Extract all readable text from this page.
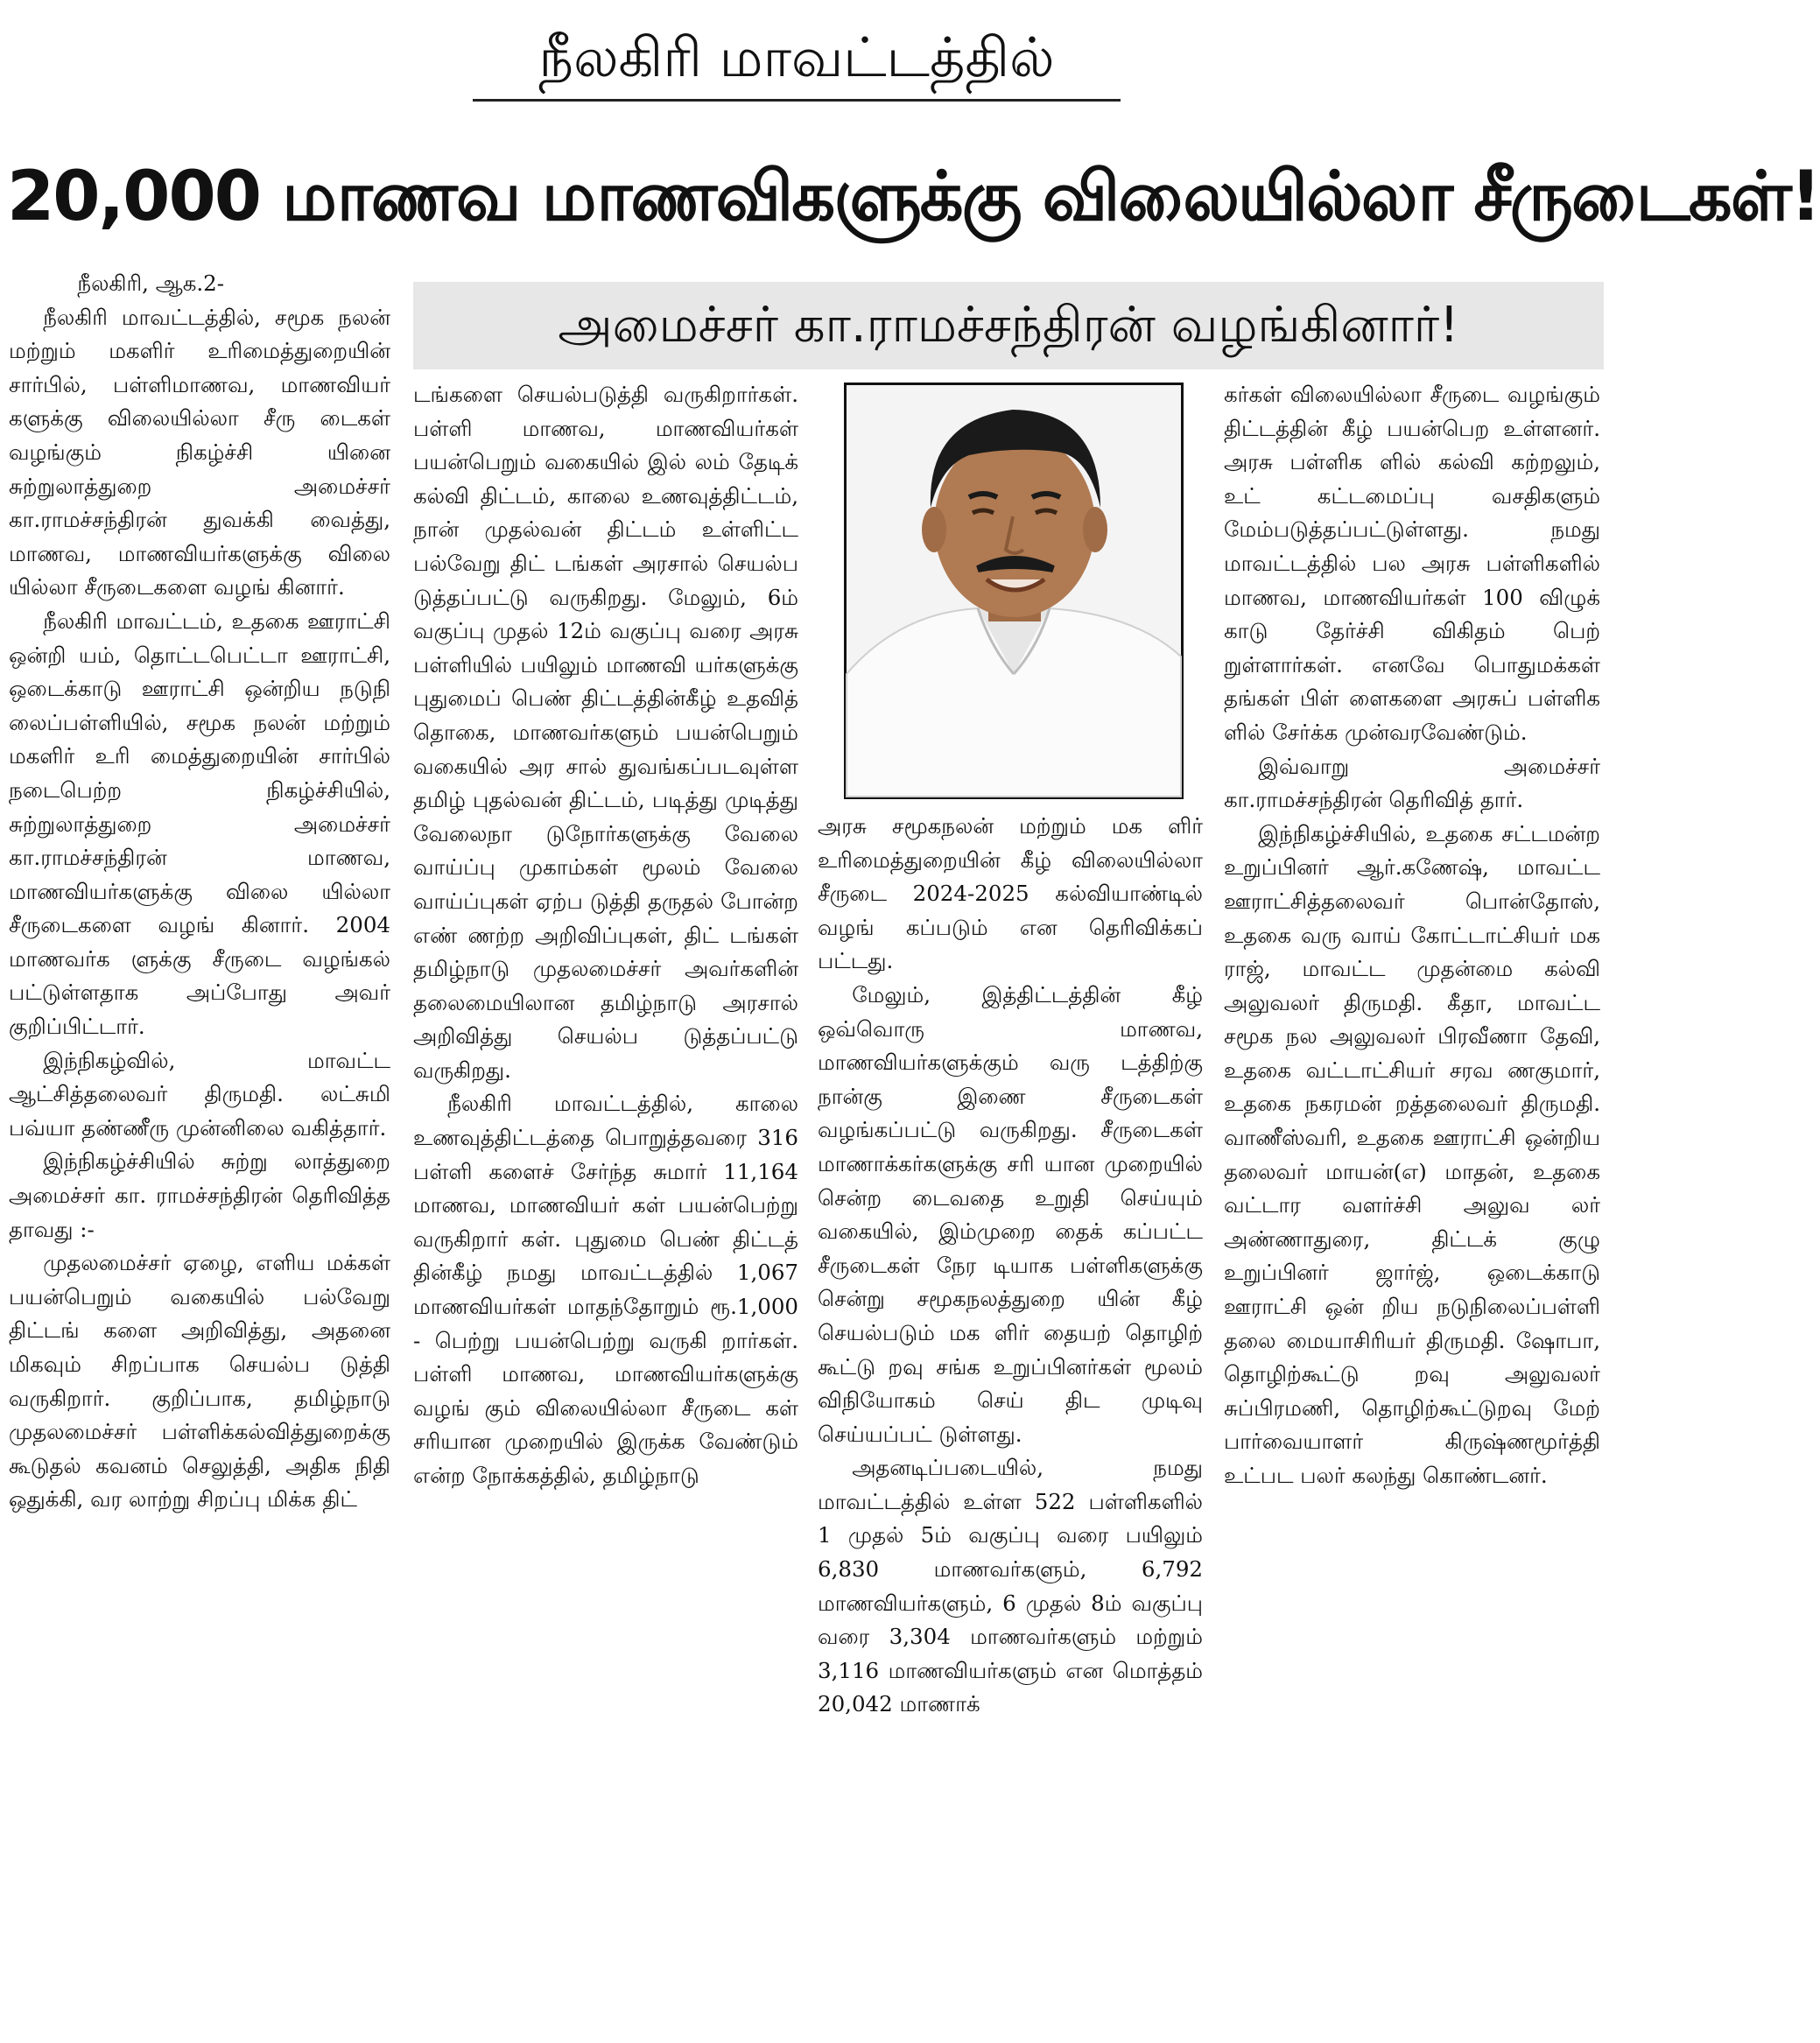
நீலகிரி மாவட்டத்தில்
20,000 மாணவ மாணவிகளுக்கு விலையில்லா சீருடைகள்!
அமைச்சர் கா.ராமச்சந்திரன் வழங்கினார்!

நீலகிரி, ஆக.2-

நீலகிரி மாவட்டத்தில், சமூக நலன் மற்றும் மகளிர் உரிமைத்துறையின் சார்பில், பள்ளிமாணவ, மாணவியர் களுக்கு விலையில்லா சீரு டைகள் வழங்கும் நிகழ்ச்சி யினை சுற்றுலாத்துறை அமைச்சர் கா.ராமச்சந்திரன் துவக்கி வைத்து, மாணவ, மாணவியர்களுக்கு விலை யில்லா சீருடைகளை வழங் கினார்.

நீலகிரி மாவட்டம், உதகை ஊராட்சி ஒன்றி யம், தொட்டபெட்டா ஊராட்சி, ஒடைக்காடு ஊராட்சி ஒன்றிய நடுநி லைப்பள்ளியில், சமூக நலன் மற்றும் மகளிர் உரி மைத்துறையின் சார்பில் நடைபெற்ற நிகழ்ச்சியில், சுற்றுலாத்துறை அமைச்சர் கா.ராமச்சந்திரன் மாணவ, மாணவியர்களுக்கு விலை யில்லா சீருடைகளை வழங் கினார். 2004 மாணவர்க ளுக்கு சீருடை வழங்கல் பட்டுள்ளதாக அப்போது அவர் குறிப்பிட்டார்.

இந்நிகழ்வில், மாவட்ட ஆட்சித்தலைவர் திருமதி. லட்சுமி பவ்யா தண்ணீரு முன்னிலை வகித்தார்.

இந்நிகழ்ச்சியில் சுற்று லாத்துறை அமைச்சர் கா. ராமச்சந்திரன் தெரிவித்த தாவது :-

முதலமைச்சர் ஏழை, எளிய மக்கள் பயன்பெறும் வகையில் பல்வேறு திட்டங் களை அறிவித்து, அதனை மிகவும் சிறப்பாக செயல்ப டுத்தி வருகிறார். குறிப்பாக, தமிழ்நாடு முதலமைச்சர் பள்ளிக்கல்வித்துறைக்கு கூடுதல் கவனம் செலுத்தி, அதிக நிதி ஒதுக்கி, வர லாற்று சிறப்பு மிக்க திட்

டங்களை செயல்படுத்தி வருகிறார்கள். பள்ளி மாணவ, மாணவியர்கள் பயன்பெறும் வகையில் இல் லம் தேடிக் கல்வி திட்டம், காலை உணவுத்திட்டம், நான் முதல்வன் திட்டம் உள்ளிட்ட பல்வேறு திட் டங்கள் அரசால் செயல்ப டுத்தப்பட்டு வருகிறது. மேலும், 6ம் வகுப்பு முதல் 12ம் வகுப்பு வரை அரசு பள்ளியில் பயிலும் மாணவி யர்களுக்கு புதுமைப் பெண் திட்டத்தின்கீழ் உதவித் தொகை, மாணவர்களும் பயன்பெறும் வகையில் அர சால் துவங்கப்படவுள்ள தமிழ் புதல்வன் திட்டம், படித்து முடித்து வேலைநா டுநோர்களுக்கு வேலை வாய்ப்பு முகாம்கள் மூலம் வேலை வாய்ப்புகள் ஏற்ப டுத்தி தருதல் போன்ற எண் ணற்ற அறிவிப்புகள், திட் டங்கள் தமிழ்நாடு முதலமைச்சர் அவர்களின் தலைமையிலான தமிழ்நாடு அரசால் அறிவித்து செயல்ப டுத்தப்பட்டு வருகிறது.

நீலகிரி மாவட்டத்தில், காலை உணவுத்திட்டத்தை பொறுத்தவரை 316 பள்ளி களைச் சேர்ந்த சுமார் 11,164 மாணவ, மாணவியர் கள் பயன்பெற்று வருகிறார் கள். புதுமை பெண் திட்டத் தின்கீழ் நமது மாவட்டத்தில் 1,067 மாணவியர்கள் மாதந்தோறும் ரூ.1,000 - பெற்று பயன்பெற்று வருகி றார்கள். பள்ளி மாணவ, மாணவியர்களுக்கு வழங் கும் விலையில்லா சீருடை கள் சரியான முறையில் இருக்க வேண்டும் என்ற நோக்கத்தில், தமிழ்நாடு

அரசு சமூகநலன் மற்றும் மக ளிர் உரிமைத்துறையின் கீழ் விலையில்லா சீருடை 2024-2025 கல்வியாண்டில் வழங் கப்படும் என தெரிவிக்கப் பட்டது.

மேலும், இத்திட்டத்தின் கீழ் ஒவ்வொரு மாணவ, மாணவியர்களுக்கும் வரு டத்திற்கு நான்கு இணை சீருடைகள் வழங்கப்பட்டு வருகிறது. சீருடைகள் மாணாக்கர்களுக்கு சரி யான முறையில் சென்ற டைவதை உறுதி செய்யும் வகையில், இம்முறை தைக் கப்பட்ட சீருடைகள் நேர டியாக பள்ளிகளுக்கு சென்று சமூகநலத்துறை யின் கீழ் செயல்படும் மக ளிர் தையற் தொழிற் கூட்டு றவு சங்க உறுப்பினர்கள் மூலம் விநியோகம் செய் திட முடிவு செய்யப்பட் டுள்ளது.

அதனடிப்படையில், நமது மாவட்டத்தில் உள்ள 522 பள்ளிகளில் 1 முதல் 5ம் வகுப்பு வரை பயிலும் 6,830 மாணவர்களும், 6,792 மாணவியர்களும், 6 முதல் 8ம் வகுப்பு வரை 3,304 மாணவர்களும் மற்றும் 3,116 மாணவியர்களும் என மொத்தம் 20,042 மாணாக்

கர்கள் விலையில்லா சீருடை வழங்கும் திட்டத்தின் கீழ் பயன்பெற உள்ளனர். அரசு பள்ளிக ளில் கல்வி கற்றலும், உட் கட்டமைப்பு வசதிகளும் மேம்படுத்தப்பட்டுள்ளது. நமது மாவட்டத்தில் பல அரசு பள்ளிகளில் மாணவ, மாணவியர்கள் 100 விழுக் காடு தேர்ச்சி விகிதம் பெற் றுள்ளார்கள். எனவே பொதுமக்கள் தங்கள் பிள் ளைகளை அரசுப் பள்ளிக ளில் சேர்க்க முன்வரவேண்டும்.

இவ்வாறு அமைச்சர் கா.ராமச்சந்திரன் தெரிவித் தார்.

இந்நிகழ்ச்சியில், உதகை சட்டமன்ற உறுப்பினர் ஆர்.கணேஷ், மாவட்ட ஊராட்சித்தலைவர் பொன்தோஸ், உதகை வரு வாய் கோட்டாட்சியர் மக ராஜ், மாவட்ட முதன்மை கல்வி அலுவலர் திருமதி. கீதா, மாவட்ட சமூக நல அலுவலர் பிரவீணா தேவி, உதகை வட்டாட்சியர் சரவ ணகுமார், உதகை நகரமன் றத்தலைவர் திருமதி. வாணீஸ்வரி, உதகை ஊராட்சி ஒன்றிய தலைவர் மாயன்(எ) மாதன், உதகை வட்டார வளர்ச்சி அலுவ லர் அண்ணாதுரை, திட்டக் குழு உறுப்பினர் ஜார்ஜ், ஒடைக்காடு ஊராட்சி ஒன் றிய நடுநிலைப்பள்ளி தலை மையாசிரியர் திருமதி. ஷோபா, தொழிற்கூட்டு றவு அலுவலர் சுப்பிரமணி, தொழிற்கூட்டுறவு மேற் பார்வையாளர் கிருஷ்ணமூர்த்தி உட்பட பலர் கலந்து கொண்டனர்.
